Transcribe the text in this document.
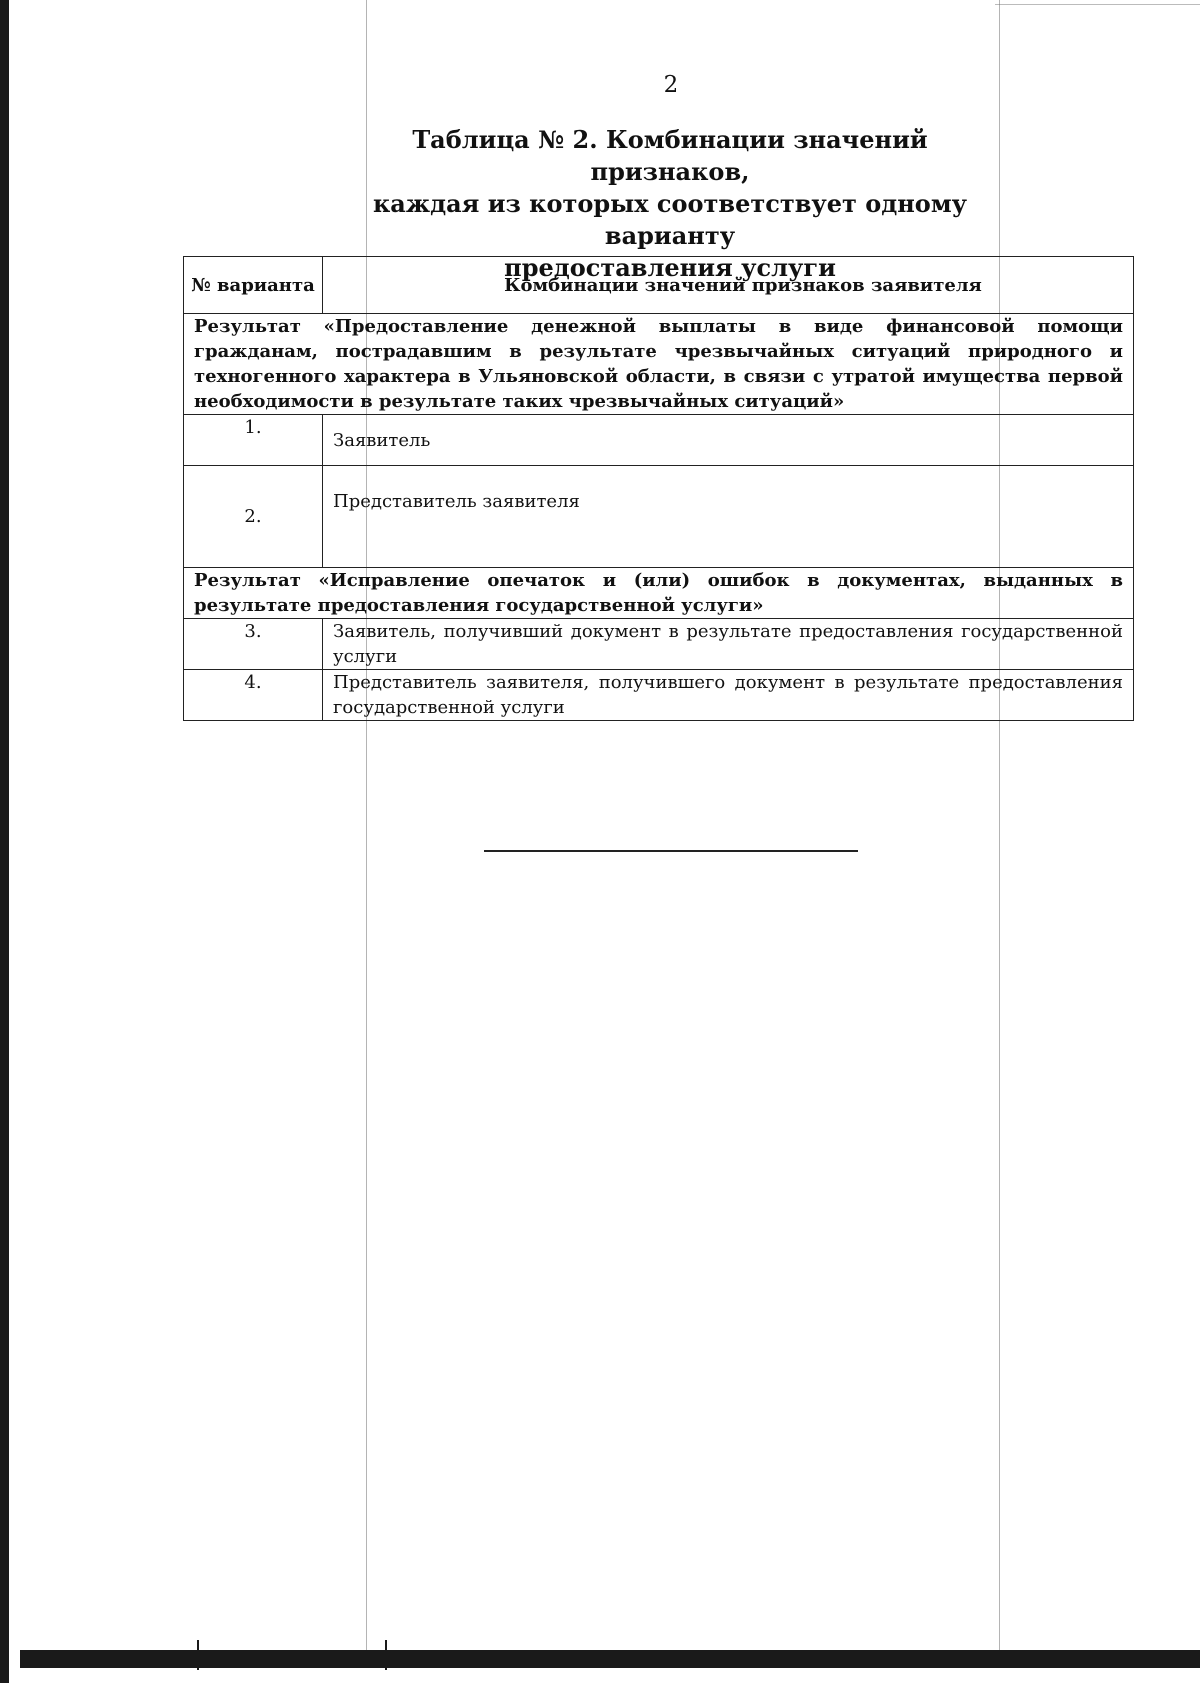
2
Таблица № 2. Комбинации значений признаков,
каждая из которых соответствует одному варианту
предоставления услуги
№ варианта	Комбинации значений признаков заявителя
Результат «Предоставление денежной выплаты в виде финансовой помощи гражданам, пострадавшим в результате чрезвычайных ситуаций природного и техногенного характера в Ульяновской области, в связи с утратой имущества первой необходимости в результате таких чрезвычайных ситуаций»	
1.	Заявитель
2.	Представитель заявителя
Результат «Исправление опечаток и (или) ошибок в документах, выданных в результате предоставления государственной услуги»	
3.	Заявитель, получивший документ в результате предоставления государственной услуги
4.	Представитель заявителя, получившего документ в результате предоставления государственной услуги
